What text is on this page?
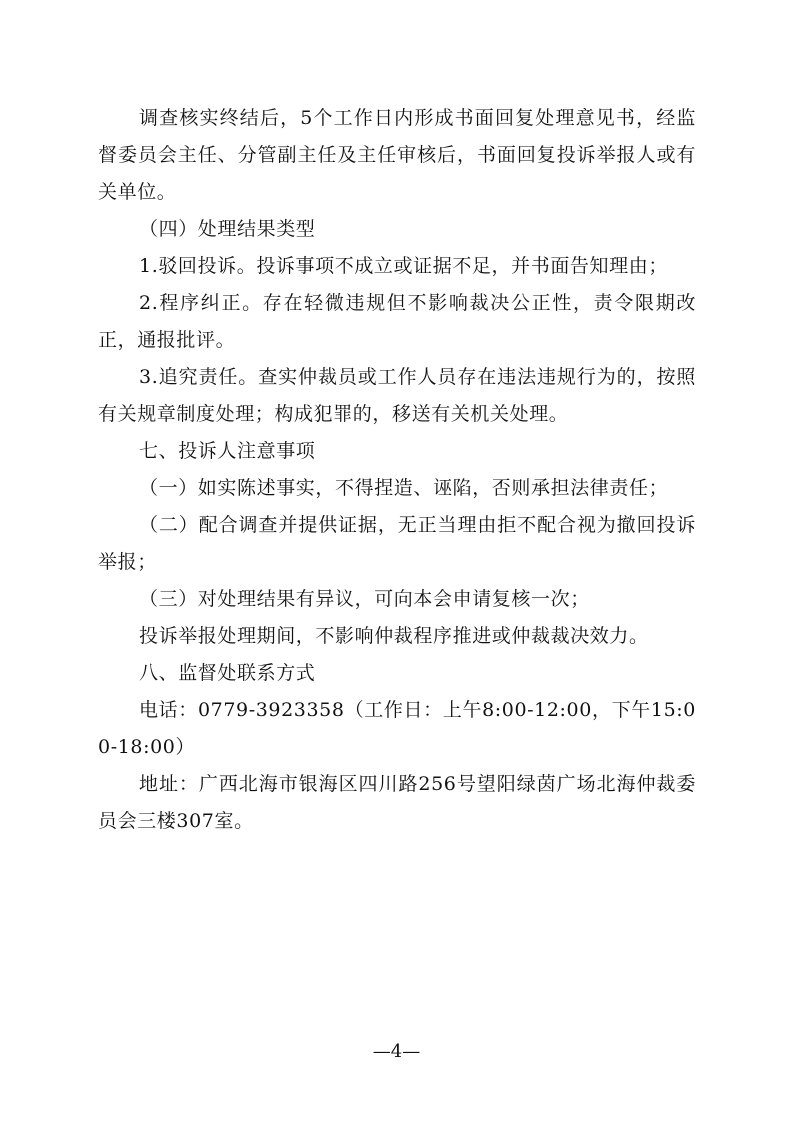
调查核实终结后，5个工作日内形成书面回复处理意见书，经监督委员会主任、分管副主任及主任审核后，书面回复投诉举报人或有关单位。

（四）处理结果类型

1.驳回投诉。投诉事项不成立或证据不足，并书面告知理由；

2.程序纠正。存在轻微违规但不影响裁决公正性，责令限期改正，通报批评。

3.追究责任。查实仲裁员或工作人员存在违法违规行为的，按照有关规章制度处理；构成犯罪的，移送有关机关处理。

七、投诉人注意事项

（一）如实陈述事实，不得捏造、诬陷，否则承担法律责任；

（二）配合调查并提供证据，无正当理由拒不配合视为撤回投诉举报；

（三）对处理结果有异议，可向本会申请复核一次；

投诉举报处理期间，不影响仲裁程序推进或仲裁裁决效力。

八、监督处联系方式

电话：0779-3923358（工作日：上午8:00-12:00，下午15:00-18:00）

地址：广西北海市银海区四川路256号望阳绿茵广场北海仲裁委员会三楼307室。

—4—
